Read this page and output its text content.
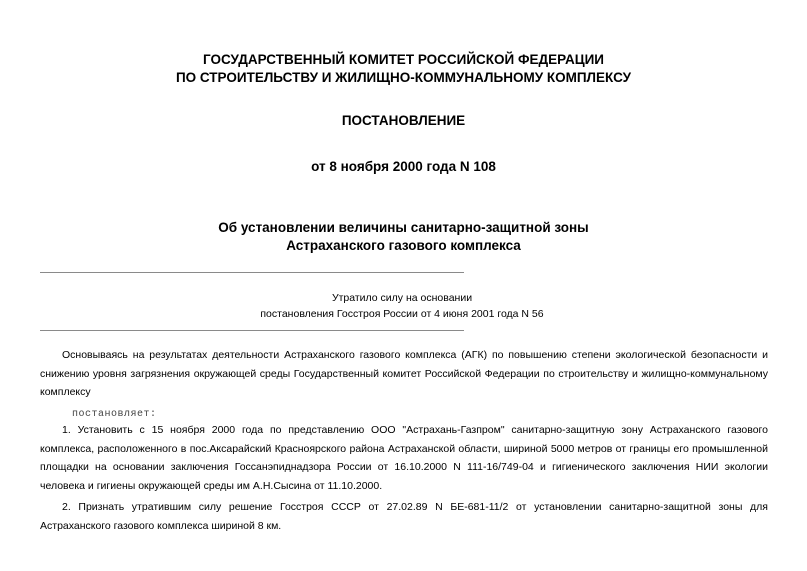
ГОСУДАРСТВЕННЫЙ КОМИТЕТ РОССИЙСКОЙ ФЕДЕРАЦИИ
ПО СТРОИТЕЛЬСТВУ И ЖИЛИЩНО-КОММУНАЛЬНОМУ КОМПЛЕКСУ
ПОСТАНОВЛЕНИЕ
от 8 ноября 2000 года N 108
Об установлении величины санитарно-защитной зоны
Астраханского газового комплекса
Утратило силу на основании
постановления Госстроя России от 4 июня 2001 года N 56
Основываясь на результатах деятельности Астраханского газового комплекса (АГК) по повышению степени экологической безопасности и снижению уровня загрязнения окружающей среды Государственный комитет Российской Федерации по строительству и жилищно-коммунальному комплексу
постановляет:
1. Установить с 15 ноября 2000 года по представлению ООО "Астрахань-Газпром" санитарно-защитную зону Астраханского газового комплекса, расположенного в пос.Аксарайский Красноярского района Астраханской области, шириной 5000 метров от границы его промышленной площадки на основании заключения Госсанэпиднадзора России от 16.10.2000 N 111-16/749-04 и гигиенического заключения НИИ экологии человека и гигиены окружающей среды им А.Н.Сысина от 11.10.2000.
2. Признать утратившим силу решение Госстроя СССР от 27.02.89 N БЕ-681-11/2 от установлении санитарно-защитной зоны для Астраханского газового комплекса шириной 8 км.
